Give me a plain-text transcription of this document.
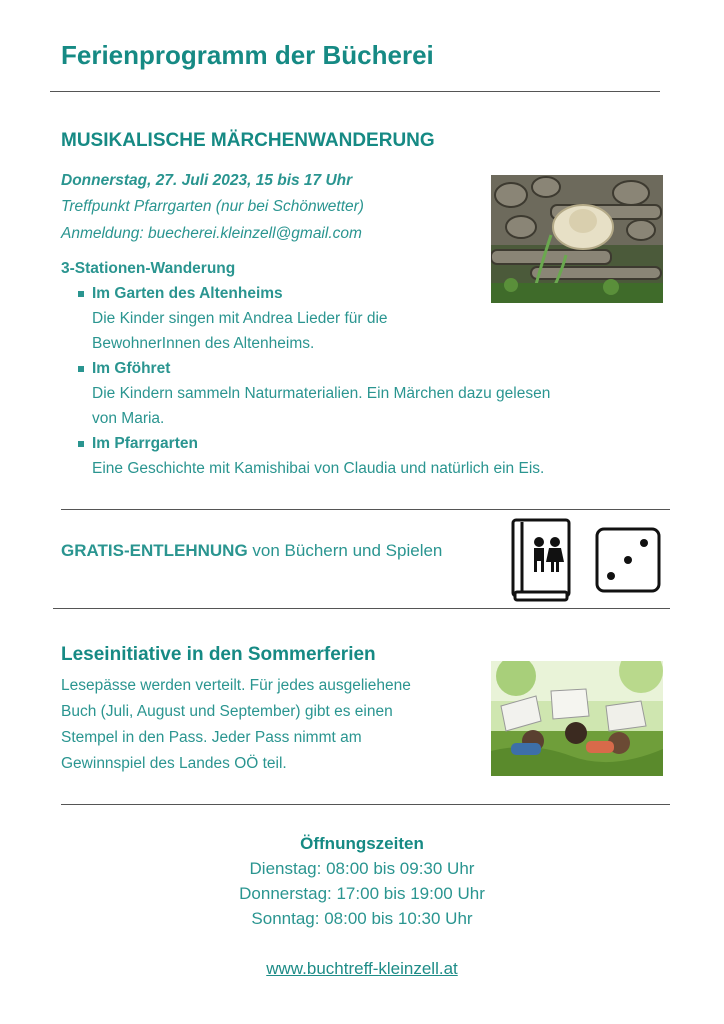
Ferienprogramm der Bücherei
MUSIKALISCHE MÄRCHENWANDERUNG
Donnerstag, 27. Juli 2023, 15 bis 17 Uhr
Treffpunkt Pfarrgarten (nur bei Schönwetter)
Anmeldung: buecherei.kleinzell@gmail.com
3-Stationen-Wanderung
Im Garten des Altenheims
Die Kinder singen mit Andrea Lieder für die
BewohnerInnen des Altenheims.
Im Gföhret
Die Kindern sammeln Naturmaterialien. Ein Märchen dazu gelesen
von Maria.
Im Pfarrgarten
Eine Geschichte mit Kamishibai von Claudia und natürlich ein Eis.
GRATIS-ENTLEHNUNG von Büchern und Spielen
Leseinitiative in den Sommerferien
Lesepässe werden verteilt. Für jedes ausgeliehene
Buch (Juli, August und September) gibt es einen
Stempel in den Pass. Jeder Pass nimmt am
Gewinnspiel des Landes OÖ teil.
Öffnungszeiten
Dienstag: 08:00 bis 09:30 Uhr
Donnerstag: 17:00 bis 19:00 Uhr
Sonntag: 08:00 bis 10:30 Uhr
www.buchtreff-kleinzell.at
